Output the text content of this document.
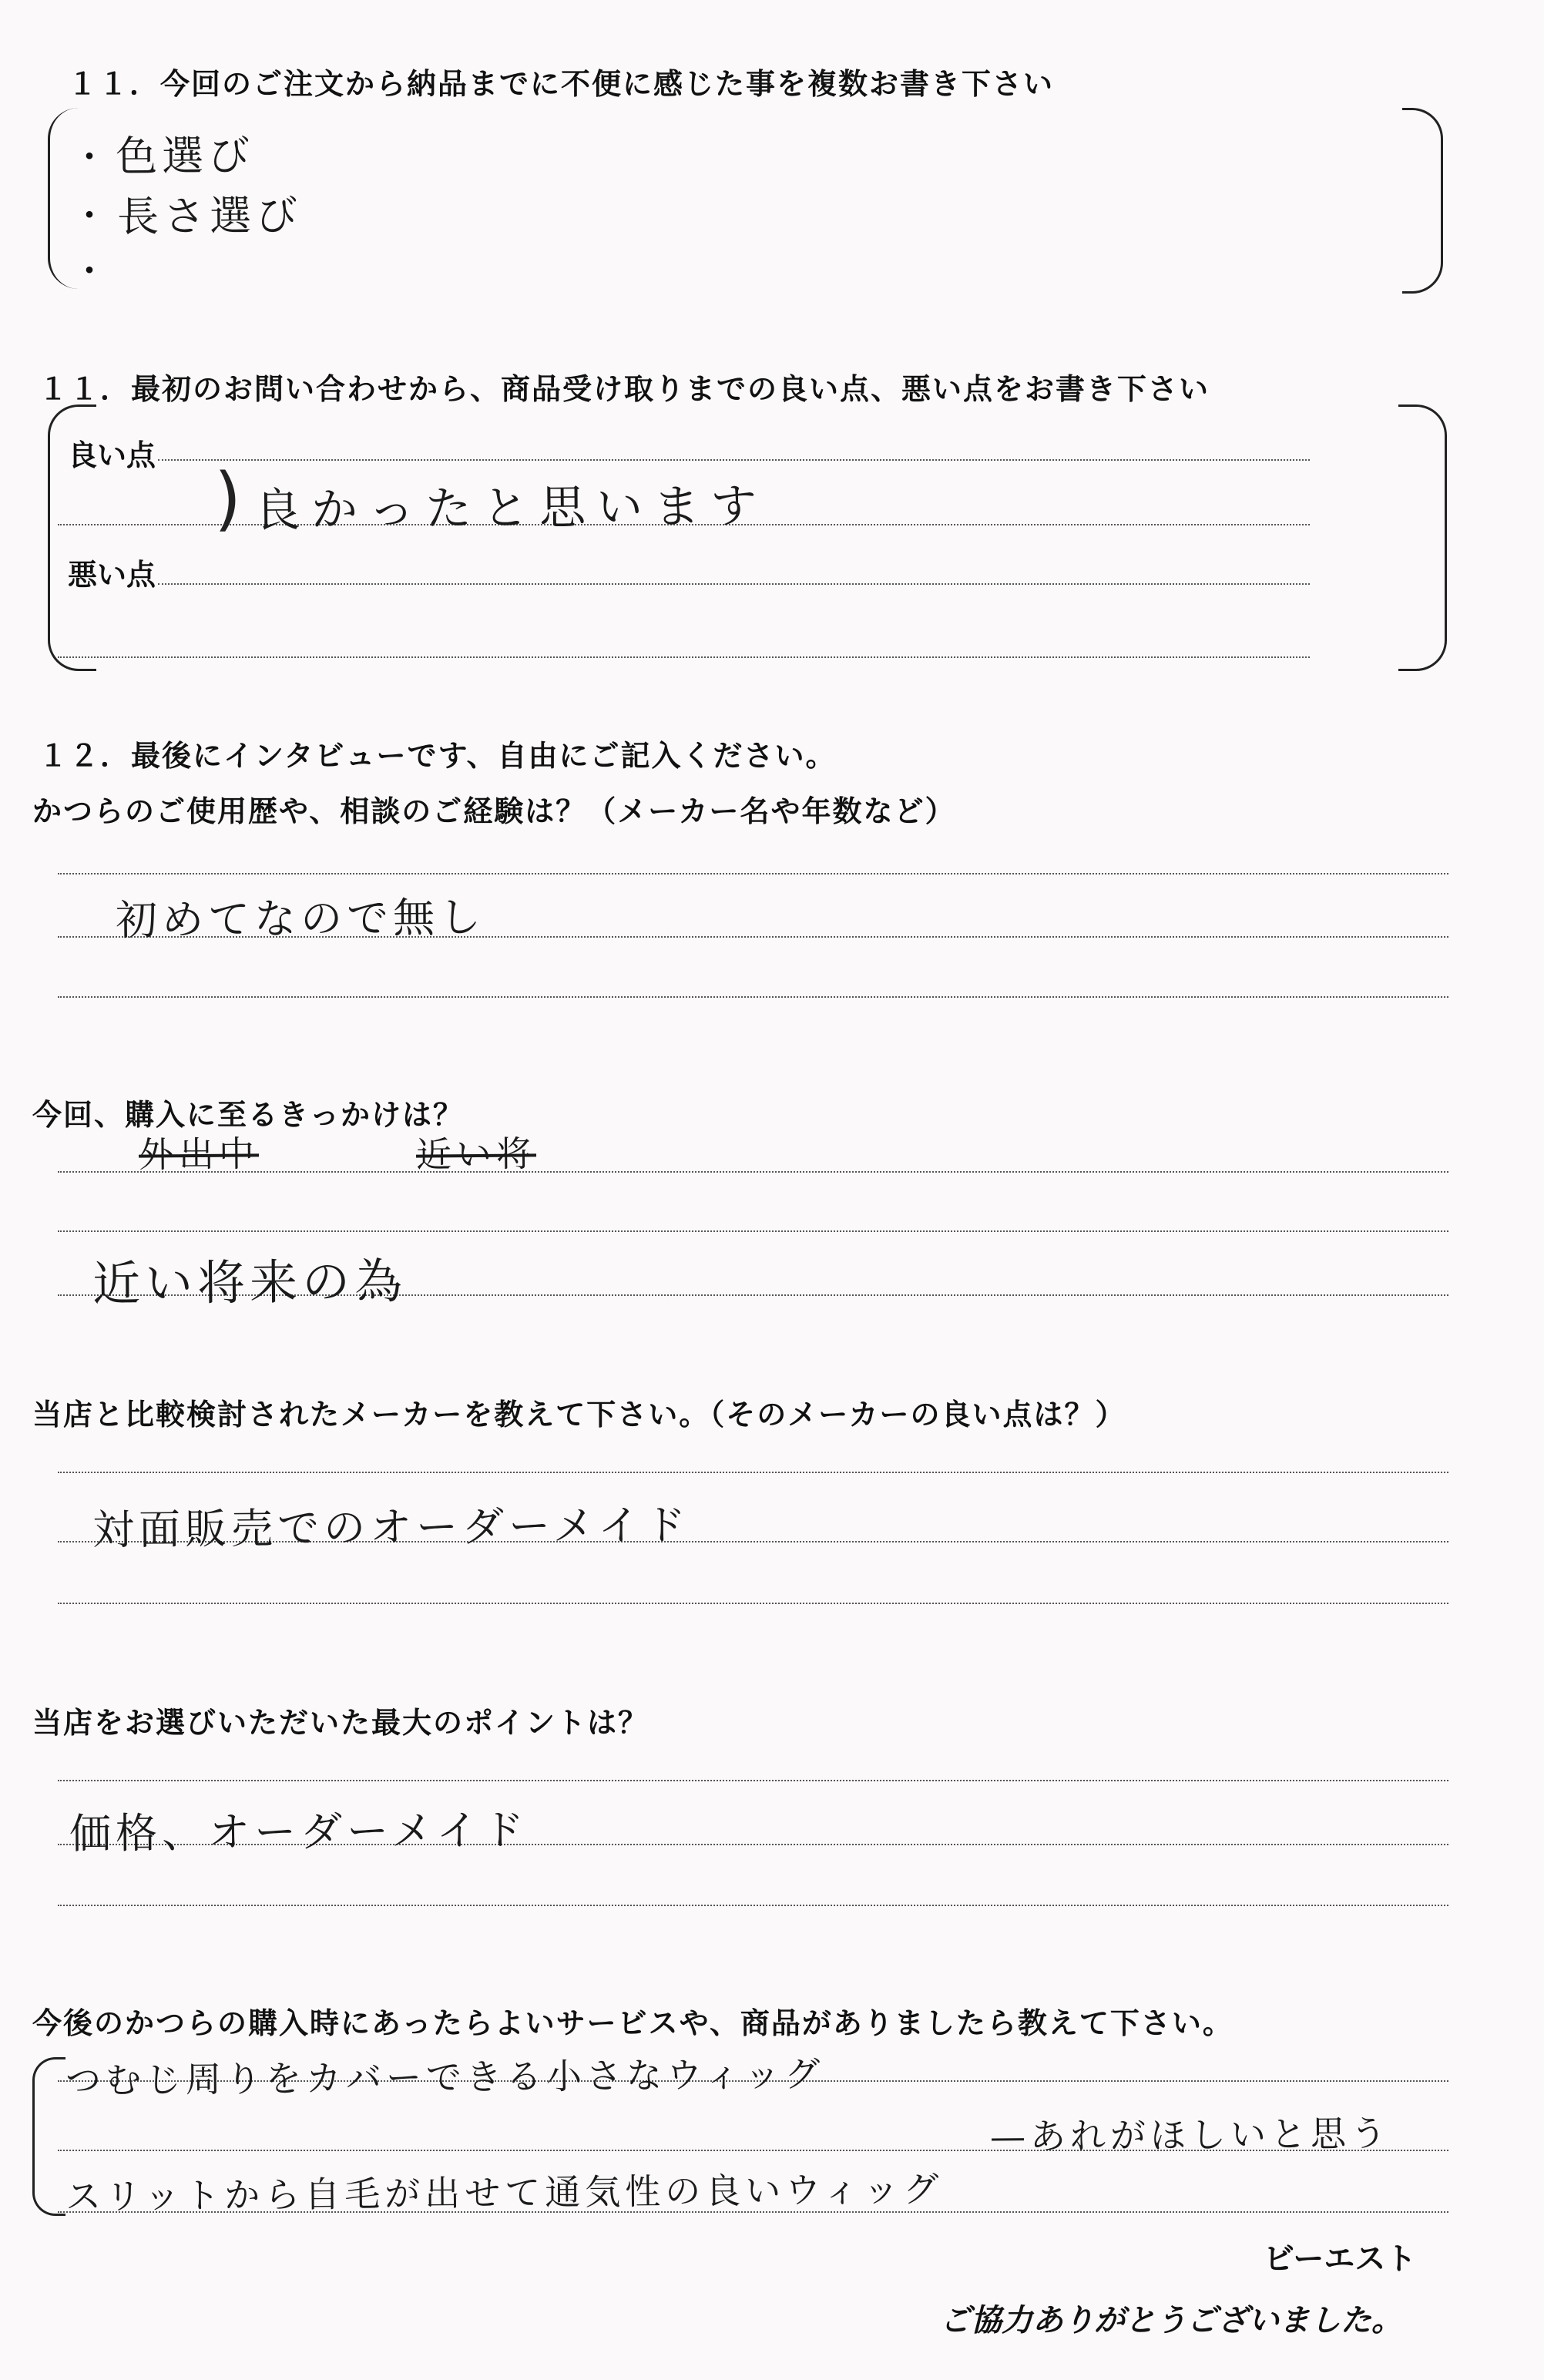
１１．今回のご注文から納品までに不便に感じた事を複数お書き下さい
・
・
・
色選び
長さ選び
１１．最初のお問い合わせから、商品受け取りまでの良い点、悪い点をお書き下さい
良い点
悪い点
) 良かったと思います
１２．最後にインタビューです、自由にご記入ください。
かつらのご使用歴や、相談のご経験は？（メーカー名や年数など）
初めてなので無し
今回、購入に至るきっかけは？
外出中	近い将
近い将来の為
当店と比較検討されたメーカーを教えて下さい。（そのメーカーの良い点は？）
対面販売でのオーダーメイド
当店をお選びいただいた最大のポイントは？
価格、オーダーメイド
今後のかつらの購入時にあったらよいサービスや、商品がありましたら教えて下さい。
つむじ周りをカバーできる小さなウィッグ
スリットから自毛が出せて通気性の良いウィッグ
—あれがほしいと思う
ビーエスト
ご協力ありがとうございました。
